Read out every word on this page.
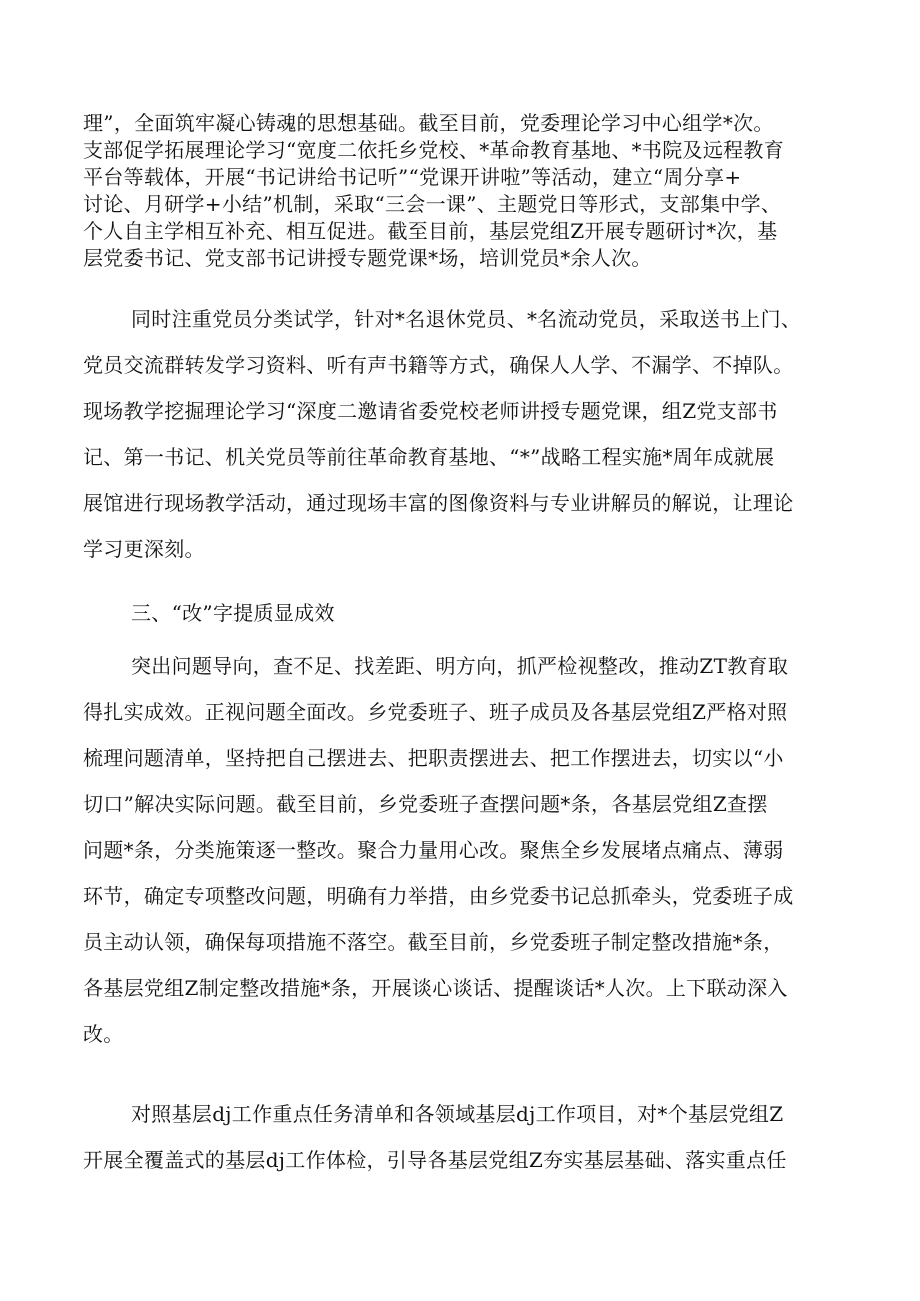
理”，全面筑牢凝心铸魂的思想基础。截至目前，党委理论学习中心组学*次。
支部促学拓展理论学习“宽度二依托乡党校、*革命教育基地、*书院及远程教育
平台等载体，开展“书记讲给书记听”“党课开讲啦”等活动，建立“周分享+
讨论、月研学+小结”机制，采取“三会一课”、主题党日等形式，支部集中学、
个人自主学相互补充、相互促进。截至目前，基层党组Z开展专题研讨*次，基
层党委书记、党支部书记讲授专题党课*场，培训党员*余人次。
同时注重党员分类试学，针对*名退休党员、*名流动党员，采取送书上门、
党员交流群转发学习资料、听有声书籍等方式，确保人人学、不漏学、不掉队。
现场教学挖掘理论学习“深度二邀请省委党校老师讲授专题党课，组Z党支部书
记、第一书记、机关党员等前往革命教育基地、“*”战略工程实施*周年成就展
展馆进行现场教学活动，通过现场丰富的图像资料与专业讲解员的解说，让理论
学习更深刻。
三、“改”字提质显成效
突出问题导向，查不足、找差距、明方向，抓严检视整改，推动ZT教育取
得扎实成效。正视问题全面改。乡党委班子、班子成员及各基层党组Z严格对照
梳理问题清单，坚持把自己摆进去、把职责摆进去、把工作摆进去，切实以“小
切口”解决实际问题。截至目前，乡党委班子查摆问题*条，各基层党组Z查摆
问题*条，分类施策逐一整改。聚合力量用心改。聚焦全乡发展堵点痛点、薄弱
环节，确定专项整改问题，明确有力举措，由乡党委书记总抓牵头，党委班子成
员主动认领，确保每项措施不落空。截至目前，乡党委班子制定整改措施*条，
各基层党组Z制定整改措施*条，开展谈心谈话、提醒谈话*人次。上下联动深入
改。
对照基层dj工作重点任务清单和各领域基层dj工作项目，对*个基层党组Z
开展全覆盖式的基层dj工作体检，引导各基层党组Z夯实基层基础、落实重点任
